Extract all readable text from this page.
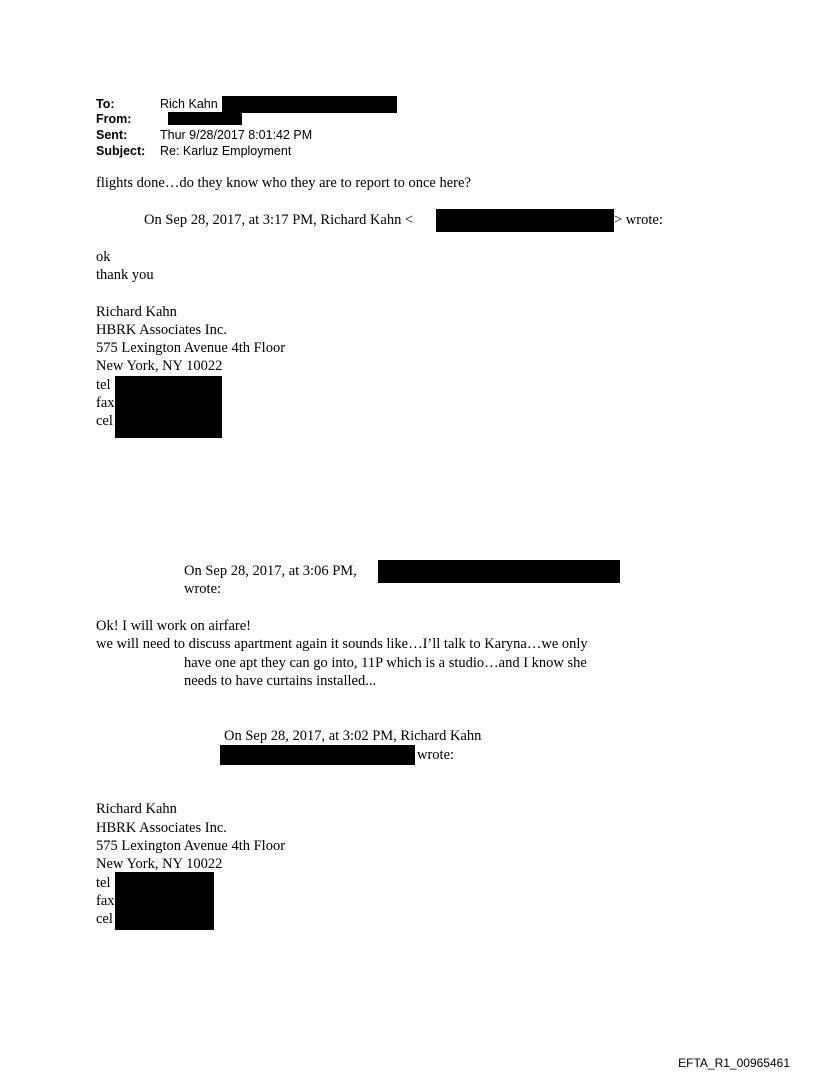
To:	Rich Kahn
From:
Sent:	Thur 9/28/2017 8:01:42 PM
Subject: Re: Karluz Employment
flights done…do they know who they are to report to once here?
On Sep 28, 2017, at 3:17 PM, Richard Kahn <	> wrote:
ok
thank you
Richard Kahn
HBRK Associates Inc.
575 Lexington Avenue 4th Floor
New York, NY 10022
tel
fax
cel
On Sep 28, 2017, at 3:06 PM,
wrote:
Ok! I will work on airfare!
we will need to discuss apartment again it sounds like…I’ll talk to Karyna…we only
have one apt they can go into, 11P which is a studio…and I know she
needs to have curtains installed...
On Sep 28, 2017, at 3:02 PM, Richard Kahn
wrote:
Richard Kahn
HBRK Associates Inc.
575 Lexington Avenue 4th Floor
New York, NY 10022
tel
fax
cel
EFTA_R1_00965461
